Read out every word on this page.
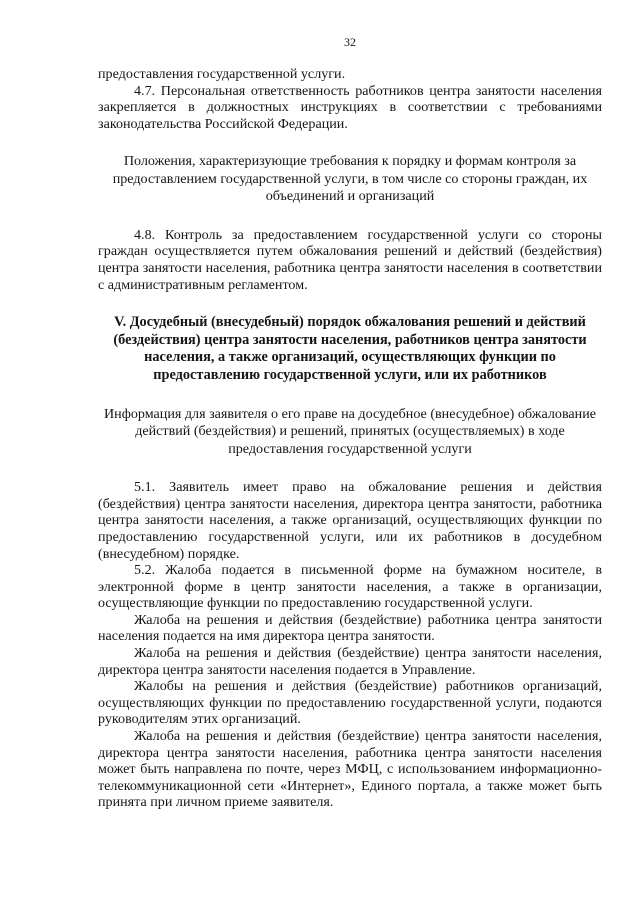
32

предоставления государственной услуги.

4.7. Персональная ответственность работников центра занятости населения закрепляется в должностных инструкциях в соответствии с требованиями законодательства Российской Федерации.

Положения, характеризующие требования к порядку и формам контроля за предоставлением государственной услуги, в том числе со стороны граждан, их объединений и организаций

4.8. Контроль за предоставлением государственной услуги со стороны граждан осуществляется путем обжалования решений и действий (бездействия) центра занятости населения, работника центра занятости населения в соответствии с административным регламентом.

V. Досудебный (внесудебный) порядок обжалования решений и действий (бездействия) центра занятости населения, работников центра занятости населения, а также организаций, осуществляющих функции по предоставлению государственной услуги, или их работников
Информация для заявителя о его праве на досудебное (внесудебное) обжалование действий (бездействия) и решений, принятых (осуществляемых) в ходе предоставления государственной услуги

5.1. Заявитель имеет право на обжалование решения и действия (бездействия) центра занятости населения, директора центра занятости, работника центра занятости населения, а также организаций, осуществляющих функции по предоставлению государственной услуги, или их работников в досудебном (внесудебном) порядке.

5.2. Жалоба подается в письменной форме на бумажном носителе, в электронной форме в центр занятости населения, а также в организации, осуществляющие функции по предоставлению государственной услуги.

Жалоба на решения и действия (бездействие) работника центра занятости населения подается на имя директора центра занятости.

Жалоба на решения и действия (бездействие) центра занятости населения, директора центра занятости населения подается в Управление.

Жалобы на решения и действия (бездействие) работников организаций, осуществляющих функции по предоставлению государственной услуги, подаются руководителям этих организаций.

Жалоба на решения и действия (бездействие) центра занятости населения, директора центра занятости населения, работника центра занятости населения может быть направлена по почте, через МФЦ, с использованием информационно-телекоммуникационной сети «Интернет», Единого портала, а также может быть принята при личном приеме заявителя.
